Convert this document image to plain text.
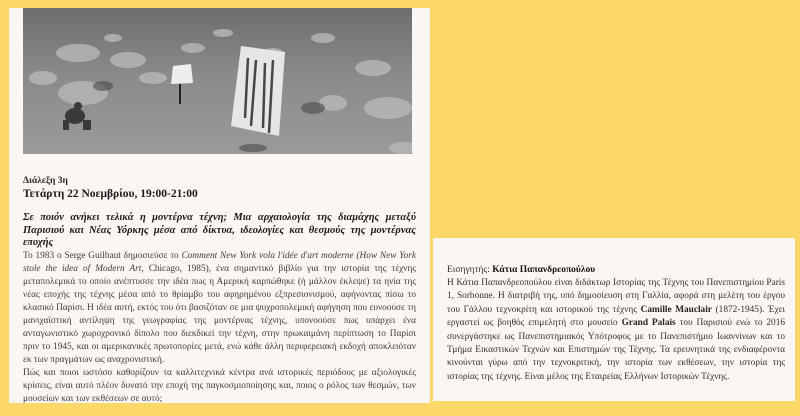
Διάλεξη 3η
Τετάρτη 22 Νοεμβρίου, 19:00-21:00
Σε ποιόν ανήκει τελικά η μοντέρνα τέχνη; Μια αρχαιολογία της διαμάχης μεταξύ Παρισιού και Νέας Υόρκης μέσα από δίκτυα, ιδεολογίες και θεσμούς της μοντέρνας εποχής

Το 1983 ο Serge Guilbaut δημοσιεύσε το Comment New York vola l'idée d'art moderne (How New York stole the idea of Modern Art, Chicago, 1985), ένα σημαντικό βιβλίο για την ιστορία της τέχνης μεταπολεμικά το οποίο ανέπτυσσε την ιδέα πως η Αμερική καρπώθηκε (ή μάλλον έκλεψε) τα ηνία της νέας εποχής της τέχνης μέσα από το θρίαμβο του αφηρημένου εξπρεσιονισμού, αφήνοντας πίσω το κλασικό Παρίσι. Η ιδέα αυτή, εκτός του ότι βασιζόταν σε μια ψυχροπολεμική αφήγηση που ευνοούσε τη μανιχαϊστική αντίληψη της γεωγραφίας της μοντέρνας τέχνης, υπονοούσε πως υπάρχει ένα ανταγωνιστικό χωροχρονικό δίπολο που διεκδικεί την τέχνη, στην πρωκαιμάνη περίπτωση το Παρίσι πριν το 1945, και οι αμερικανικές πρωτοπορίες μετά, ενώ κάθε άλλη περιφερειακή εκδοχή αποκλειόταν εκ των πραγμάτων ως αναχρονιστική.

Πώς και ποιοι ωστόσο καθορίζουν τα καλλιτεχνικά κέντρα ανά ιστορικές περιόδους με αξιολογικές κρίσεις, είναι αυτό πλέον δυνατό την εποχή της παγκοσμιοποίησης και, ποιος ο ρόλος των θεσμών, των μουσείων και των εκθέσεων σε αυτό;

Εισηγητής: Κάτια Παπανδρεοπούλου

Η Κάτια Παπανδρεοπούλου είναι διδάκτωρ Ιστορίας της Τέχνης του Πανεπιστημίου Paris 1, Sorbonne. Η διατριβή της, υπό δημοσίευση στη Γαλλία, αφορά στη μελέτη του έργου του Γάλλου τεχνοκρίτη και ιστορικού της τέχνης Camille Mauclair (1872-1945). Έχει εργαστεί ως βοηθός επιμελητή στο μουσείο Grand Palais του Παρισιού ενώ το 2016 συνεργάστηκε ως Πανεπιστημιακός Υπότροφος με το Πανεπιστήμιο Ιωαννίνων και το Τμήμα Εικαστικών Τεχνών και Επιστημών της Τέχνης. Τα ερευνητικά της ενδιαφέροντα κινούνται γύρω από την τεχνοκριτική, την ιστορία των εκθέσεων, την ιστορία της ιστορίας της τέχνης. Είναι μέλος της Εταιρείας Ελλήνων Ιστορικών Τέχνης.
